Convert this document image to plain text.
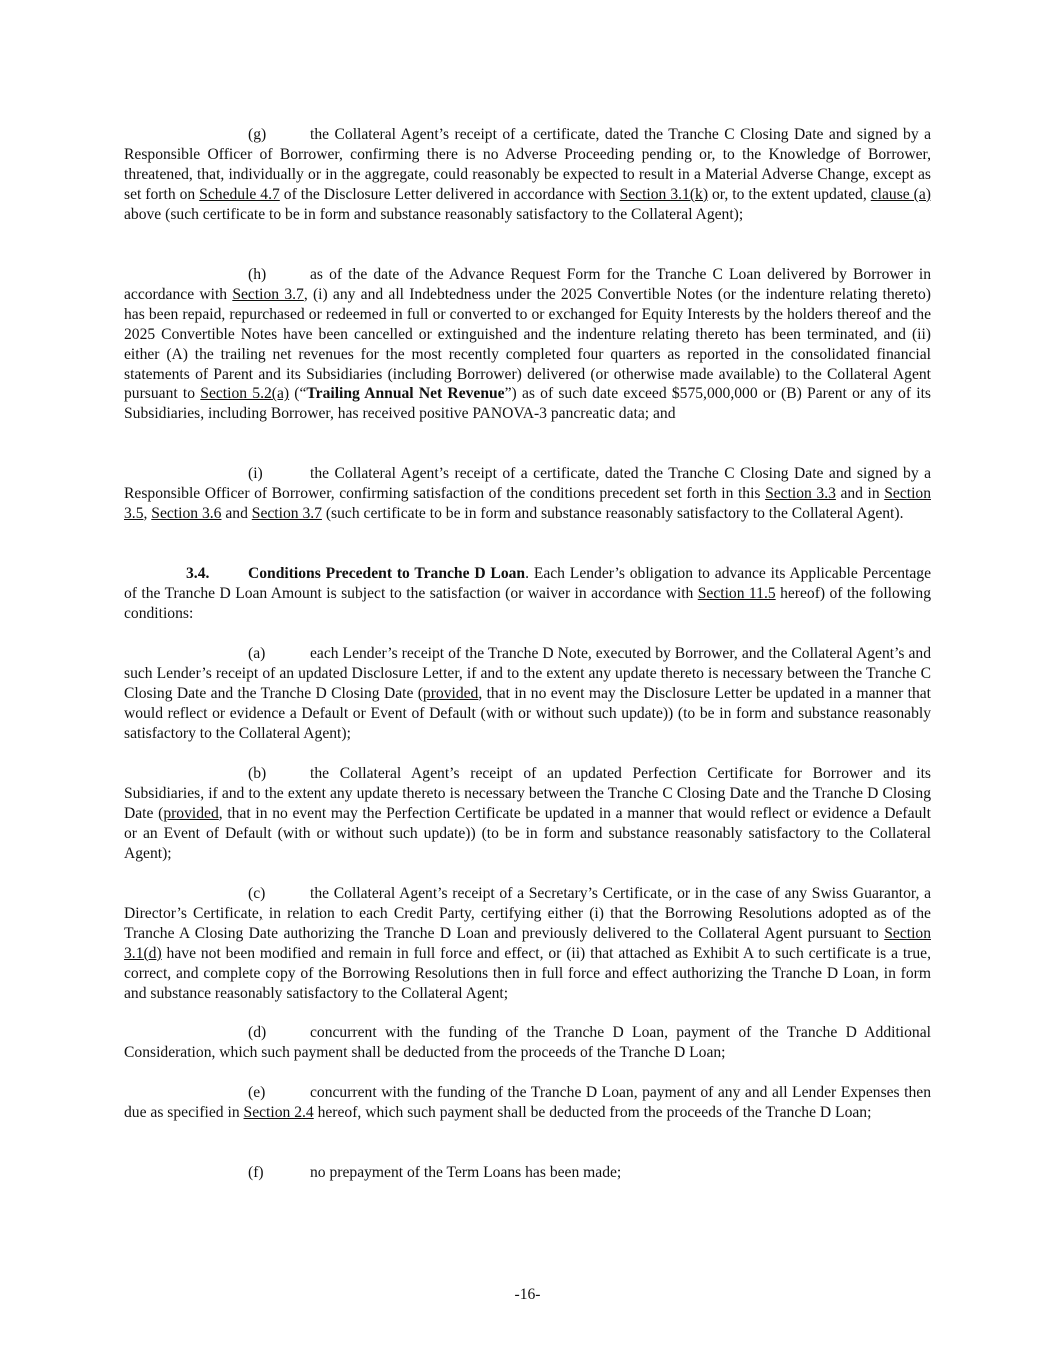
(g)	the Collateral Agent’s receipt of a certificate, dated the Tranche C Closing Date and signed by a Responsible Officer of Borrower, confirming there is no Adverse Proceeding pending or, to the Knowledge of Borrower, threatened, that, individually or in the aggregate, could reasonably be expected to result in a Material Adverse Change, except as set forth on Schedule 4.7 of the Disclosure Letter delivered in accordance with Section 3.1(k) or, to the extent updated, clause (a) above (such certificate to be in form and substance reasonably satisfactory to the Collateral Agent);

(h)	as of the date of the Advance Request Form for the Tranche C Loan delivered by Borrower in accordance with Section 3.7, (i) any and all Indebtedness under the 2025 Convertible Notes (or the indenture relating thereto) has been repaid, repurchased or redeemed in full or converted to or exchanged for Equity Interests by the holders thereof and the 2025 Convertible Notes have been cancelled or extinguished and the indenture relating thereto has been terminated, and (ii) either (A) the trailing net revenues for the most recently completed four quarters as reported in the consolidated financial statements of Parent and its Subsidiaries (including Borrower) delivered (or otherwise made available) to the Collateral Agent pursuant to Section 5.2(a) (“Trailing Annual Net Revenue”) as of such date exceed $575,000,000 or (B) Parent or any of its Subsidiaries, including Borrower, has received positive PANOVA-3 pancreatic data; and

(i)	the Collateral Agent’s receipt of a certificate, dated the Tranche C Closing Date and signed by a Responsible Officer of Borrower, confirming satisfaction of the conditions precedent set forth in this Section 3.3 and in Section 3.5, Section 3.6 and Section 3.7 (such certificate to be in form and substance reasonably satisfactory to the Collateral Agent).

3.4. Conditions Precedent to Tranche D Loan. Each Lender’s obligation to advance its Applicable Percentage of the Tranche D Loan Amount is subject to the satisfaction (or waiver in accordance with Section 11.5 hereof) of the following conditions:

(a)	each Lender’s receipt of the Tranche D Note, executed by Borrower, and the Collateral Agent’s and such Lender’s receipt of an updated Disclosure Letter, if and to the extent any update thereto is necessary between the Tranche C Closing Date and the Tranche D Closing Date (provided, that in no event may the Disclosure Letter be updated in a manner that would reflect or evidence a Default or Event of Default (with or without such update)) (to be in form and substance reasonably satisfactory to the Collateral Agent);

(b)	the Collateral Agent’s receipt of an updated Perfection Certificate for Borrower and its Subsidiaries, if and to the extent any update thereto is necessary between the Tranche C Closing Date and the Tranche D Closing Date (provided, that in no event may the Perfection Certificate be updated in a manner that would reflect or evidence a Default or an Event of Default (with or without such update)) (to be in form and substance reasonably satisfactory to the Collateral Agent);

(c)	the Collateral Agent’s receipt of a Secretary’s Certificate, or in the case of any Swiss Guarantor, a Director’s Certificate, in relation to each Credit Party, certifying either (i) that the Borrowing Resolutions adopted as of the Tranche A Closing Date authorizing the Tranche D Loan and previously delivered to the Collateral Agent pursuant to Section 3.1(d) have not been modified and remain in full force and effect, or (ii) that attached as Exhibit A to such certificate is a true, correct, and complete copy of the Borrowing Resolutions then in full force and effect authorizing the Tranche D Loan, in form and substance reasonably satisfactory to the Collateral Agent;

(d)	concurrent with the funding of the Tranche D Loan, payment of the Tranche D Additional Consideration, which such payment shall be deducted from the proceeds of the Tranche D Loan;

(e)	concurrent with the funding of the Tranche D Loan, payment of any and all Lender Expenses then due as specified in Section 2.4 hereof, which such payment shall be deducted from the proceeds of the Tranche D Loan;

(f)	no prepayment of the Term Loans has been made;

-16-
